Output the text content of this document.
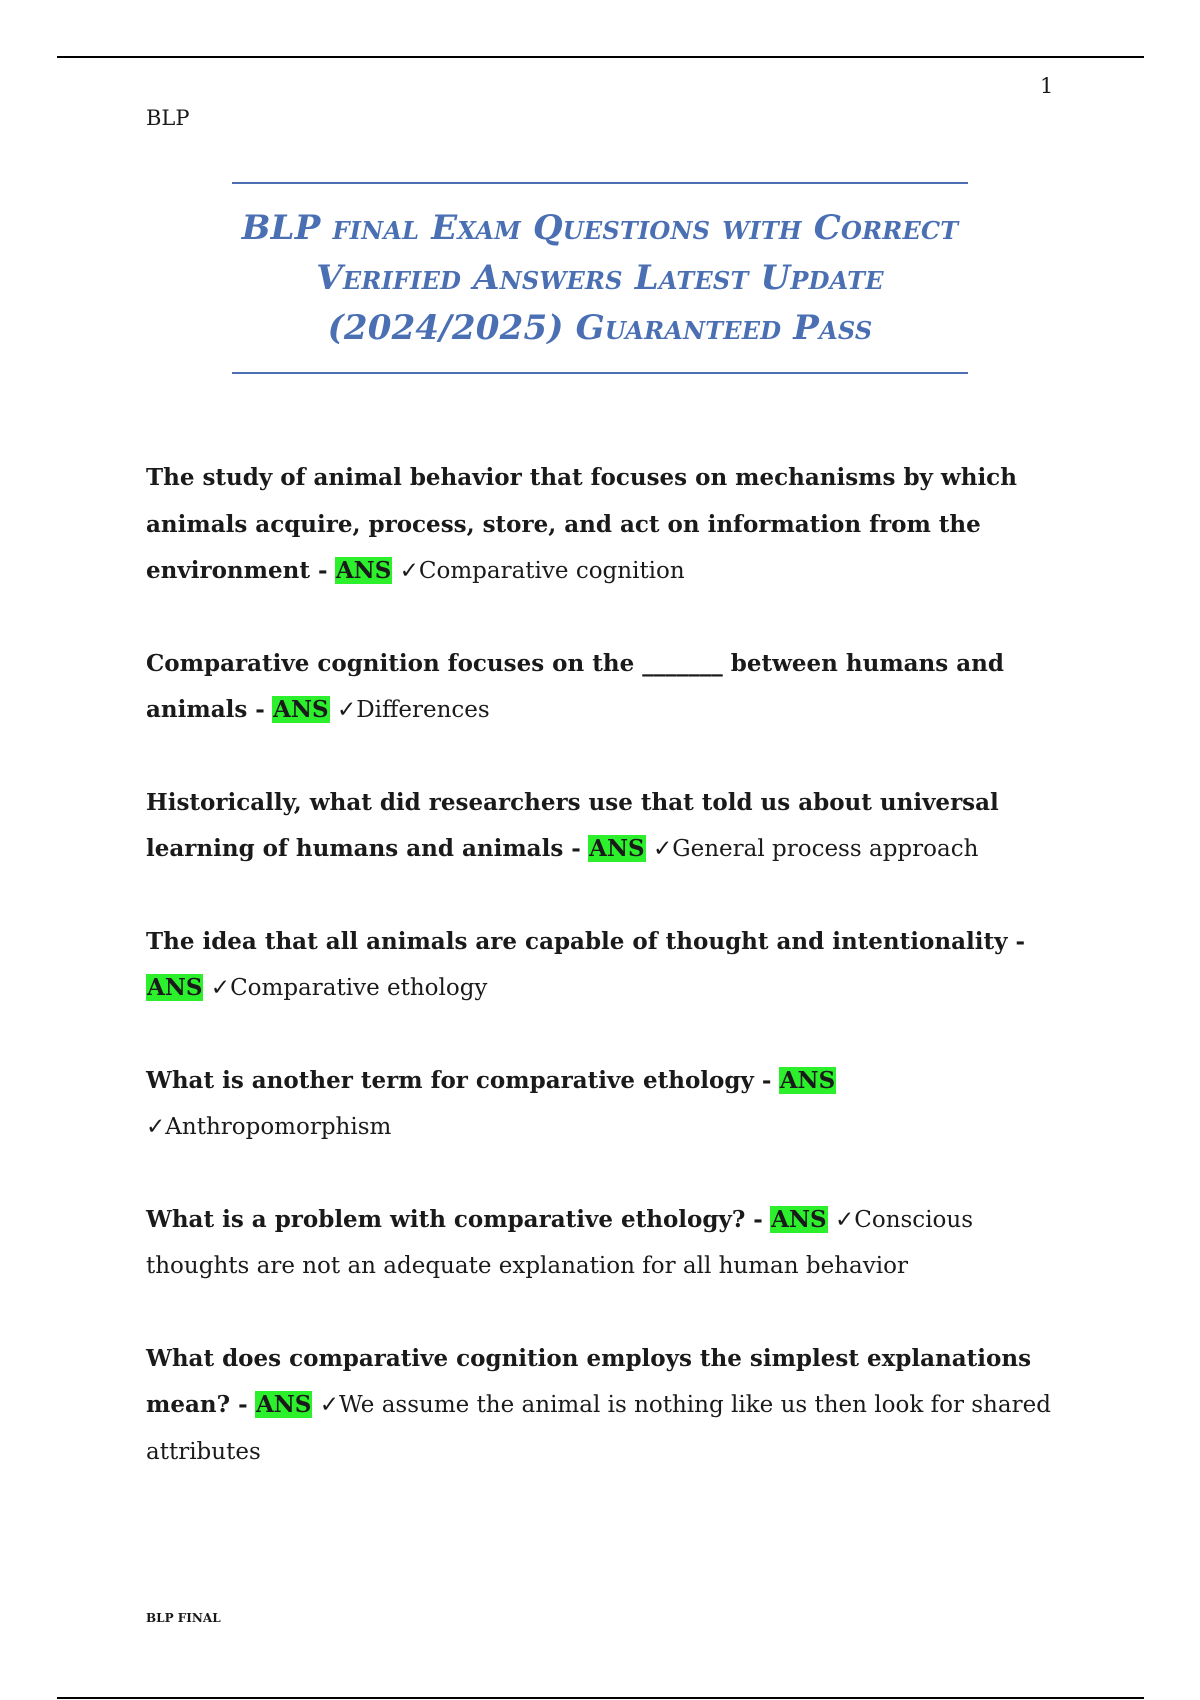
1
BLP
BLP final Exam Questions with Correct
Verified Answers Latest Update
(2024/2025) Guaranteed Pass
The study of animal behavior that focuses on mechanisms by which animals acquire, process, store, and act on information from the environment - ANS ✓Comparative cognition
Comparative cognition focuses on the _______ between humans and animals - ANS ✓Differences
Historically, what did researchers use that told us about universal learning of humans and animals - ANS ✓General process approach
The idea that all animals are capable of thought and intentionality - ANS ✓Comparative ethology
What is another term for comparative ethology - ANS ✓Anthropomorphism
What is a problem with comparative ethology? - ANS ✓Conscious thoughts are not an adequate explanation for all human behavior
What does comparative cognition employs the simplest explanations mean? - ANS ✓We assume the animal is nothing like us then look for shared attributes
BLP FINAL
